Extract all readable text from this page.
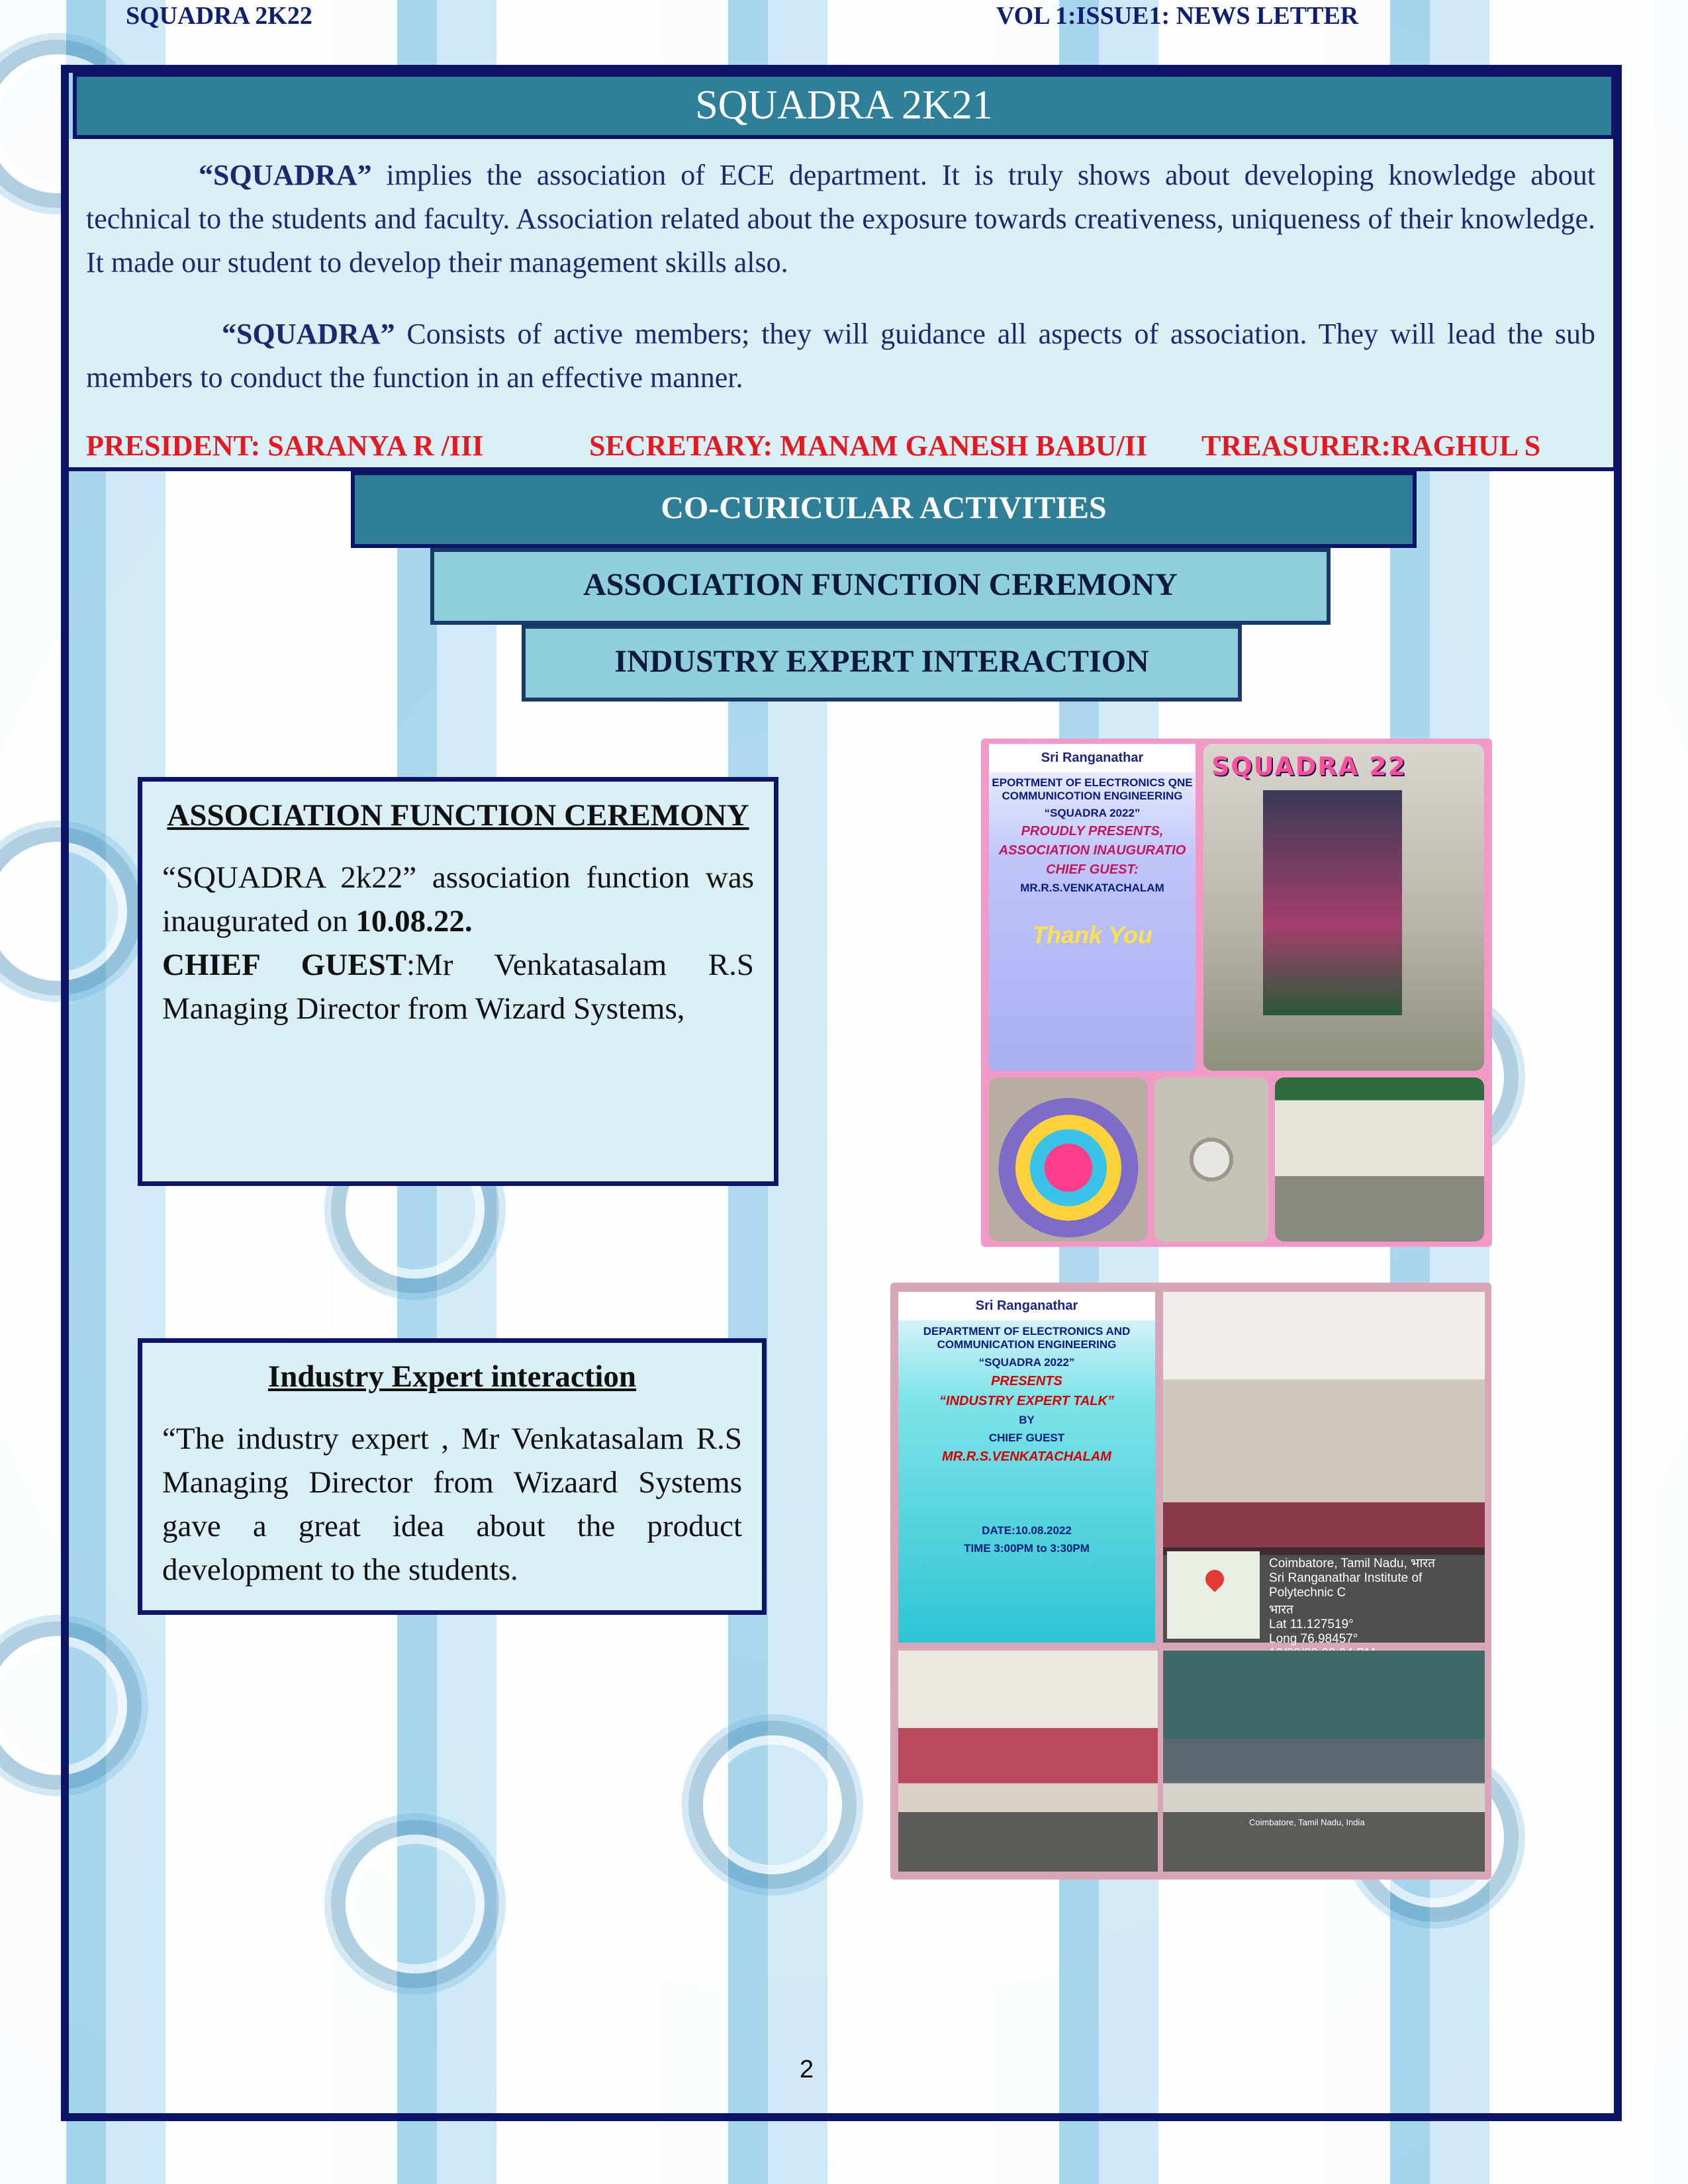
SQUADRA 2K22	VOL 1:ISSUE1: NEWS LETTER
SQUADRA 2K21
“SQUADRA” implies the association of ECE department. It is truly shows about developing knowledge about technical to the students and faculty. Association related about the exposure towards creativeness, uniqueness of their knowledge. It made our student to develop their management skills also.
“SQUADRA” Consists of active members; they will guidance all aspects of association. They will lead the sub members to conduct the function in an effective manner.
PRESIDENT: SARANYA R /III	SECRETARY: MANAM GANESH BABU/II TREASURER:RAGHUL S
CO-CURICULAR ACTIVITIES
ASSOCIATION FUNCTION CEREMONY
INDUSTRY EXPERT INTERACTION
ASSOCIATION FUNCTION CEREMONY
“SQUADRA 2k22” association function was inaugurated on 10.08.22.
CHIEF GUEST:Mr Venkatasalam R.S Managing Director from Wizard Systems,
Industry Expert interaction
“The industry expert , Mr Venkatasalam R.S Managing Director from Wizaard Systems gave a great idea about the product development to the students.
Sri Ranganathar
EPORTMENT OF ELECTRONICS QNE COMMUNICOTION ENGINEERING
“SQUADRA 2022”
PROUDLY PRESENTS,
ASSOCIATION INAUGURATIO
CHIEF GUEST:
MR.R.S.VENKATACHALAM
Thank You
SQUADRA 22
Sri Ranganathar
DEPARTMENT OF ELECTRONICS AND COMMUNICATION ENGINEERING
“SQUADRA 2022”
PRESENTS
“INDUSTRY EXPERT TALK”
BY
CHIEF GUEST
MR.R.S.VENKATACHALAM
DATE:10.08.2022
TIME 3:00PM to 3:30PM
Coimbatore, Tamil Nadu, भारत
Sri Ranganathar Institute of Polytechnic C
भारत
Lat 11.127519°
Long 76.98457°
Coimbatore, Tamil Nadu, India
2
